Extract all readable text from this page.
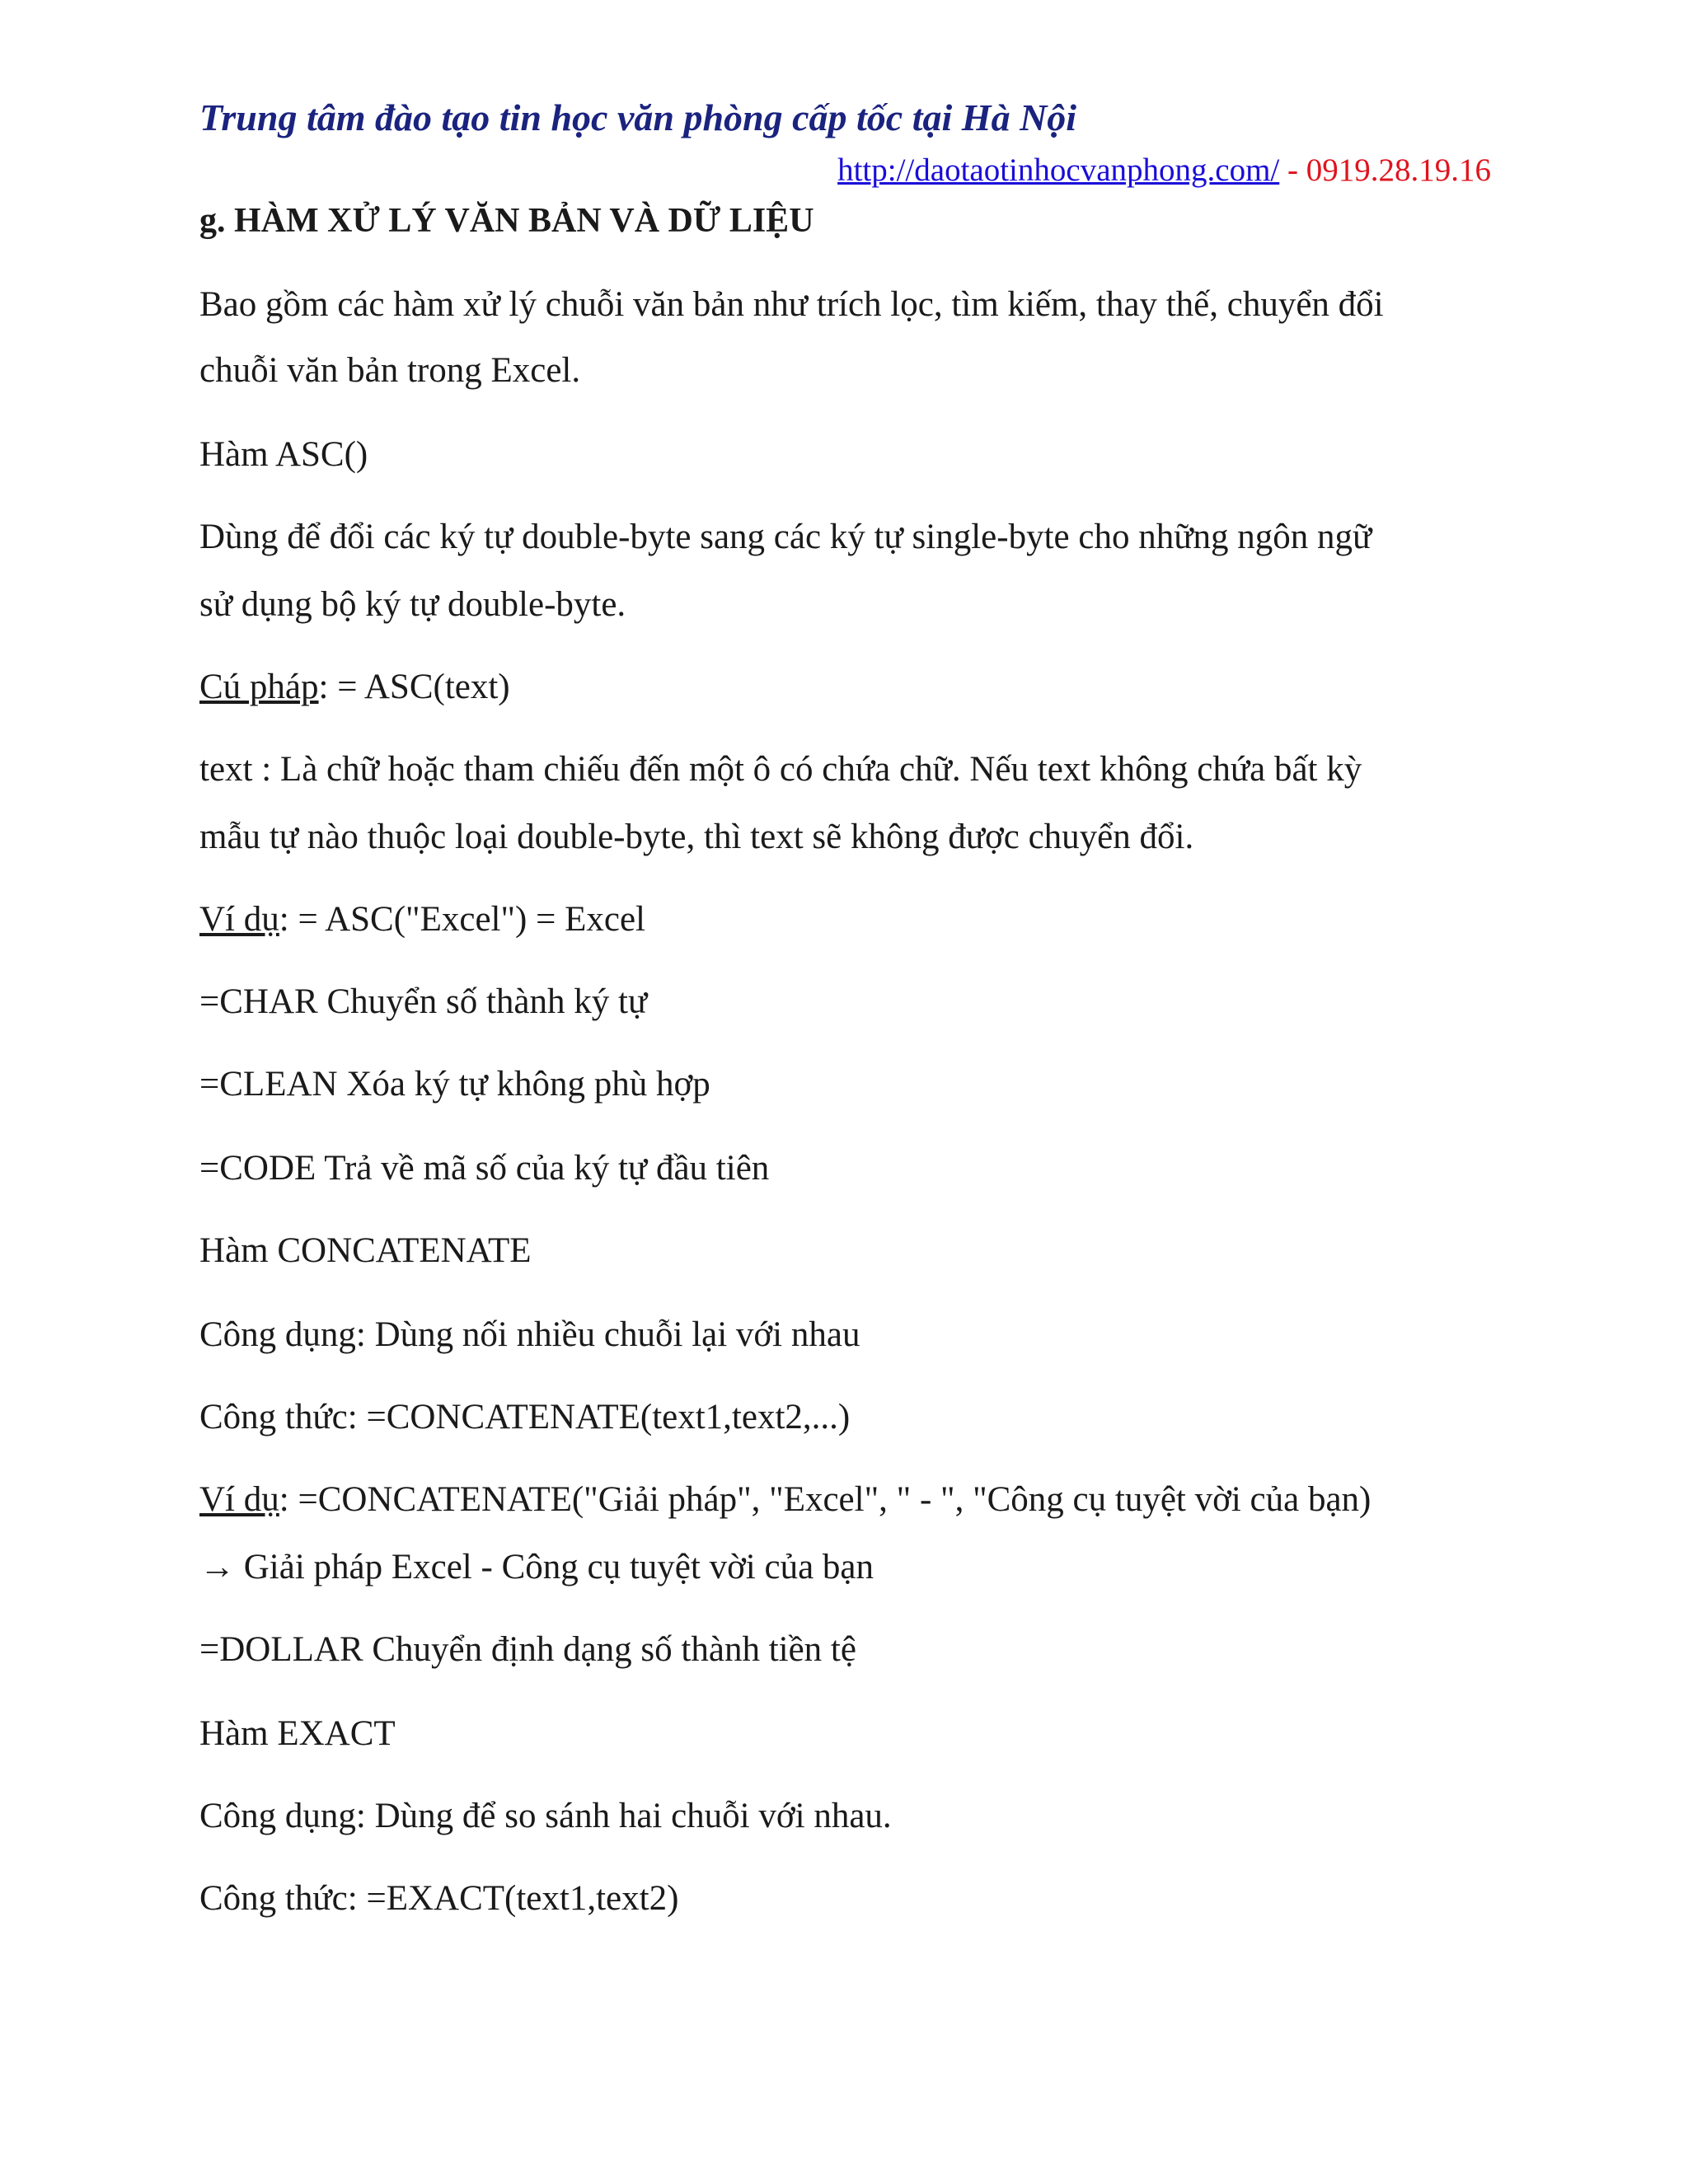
Trung tâm đào tạo tin học văn phòng cấp tốc tại Hà Nội
http://daotaotinhocvanphong.com/ - 0919.28.19.16
g. HÀM XỬ LÝ VĂN BẢN VÀ DỮ LIỆU
Bao gồm các hàm xử lý chuỗi văn bản như trích lọc, tìm kiếm, thay thế, chuyển đổi
chuỗi văn bản trong Excel.
Hàm ASC()
Dùng để đổi các ký tự double-byte sang các ký tự single-byte cho những ngôn ngữ
sử dụng bộ ký tự double-byte.
Cú pháp: = ASC(text)
text : Là chữ hoặc tham chiếu đến một ô có chứa chữ. Nếu text không chứa bất kỳ
mẫu tự nào thuộc loại double-byte, thì text sẽ không được chuyển đổi.
Ví dụ: = ASC("Excel") = Excel
=CHAR Chuyển số thành ký tự
=CLEAN Xóa ký tự không phù hợp
=CODE Trả về mã số của ký tự đầu tiên
Hàm CONCATENATE
Công dụng: Dùng nối nhiều chuỗi lại với nhau
Công thức: =CONCATENATE(text1,text2,...)
Ví dụ: =CONCATENATE("Giải pháp", "Excel", " - ", "Công cụ tuyệt vời của bạn)
→ Giải pháp Excel - Công cụ tuyệt vời của bạn
=DOLLAR Chuyển định dạng số thành tiền tệ
Hàm EXACT
Công dụng: Dùng để so sánh hai chuỗi với nhau.
Công thức: =EXACT(text1,text2)
